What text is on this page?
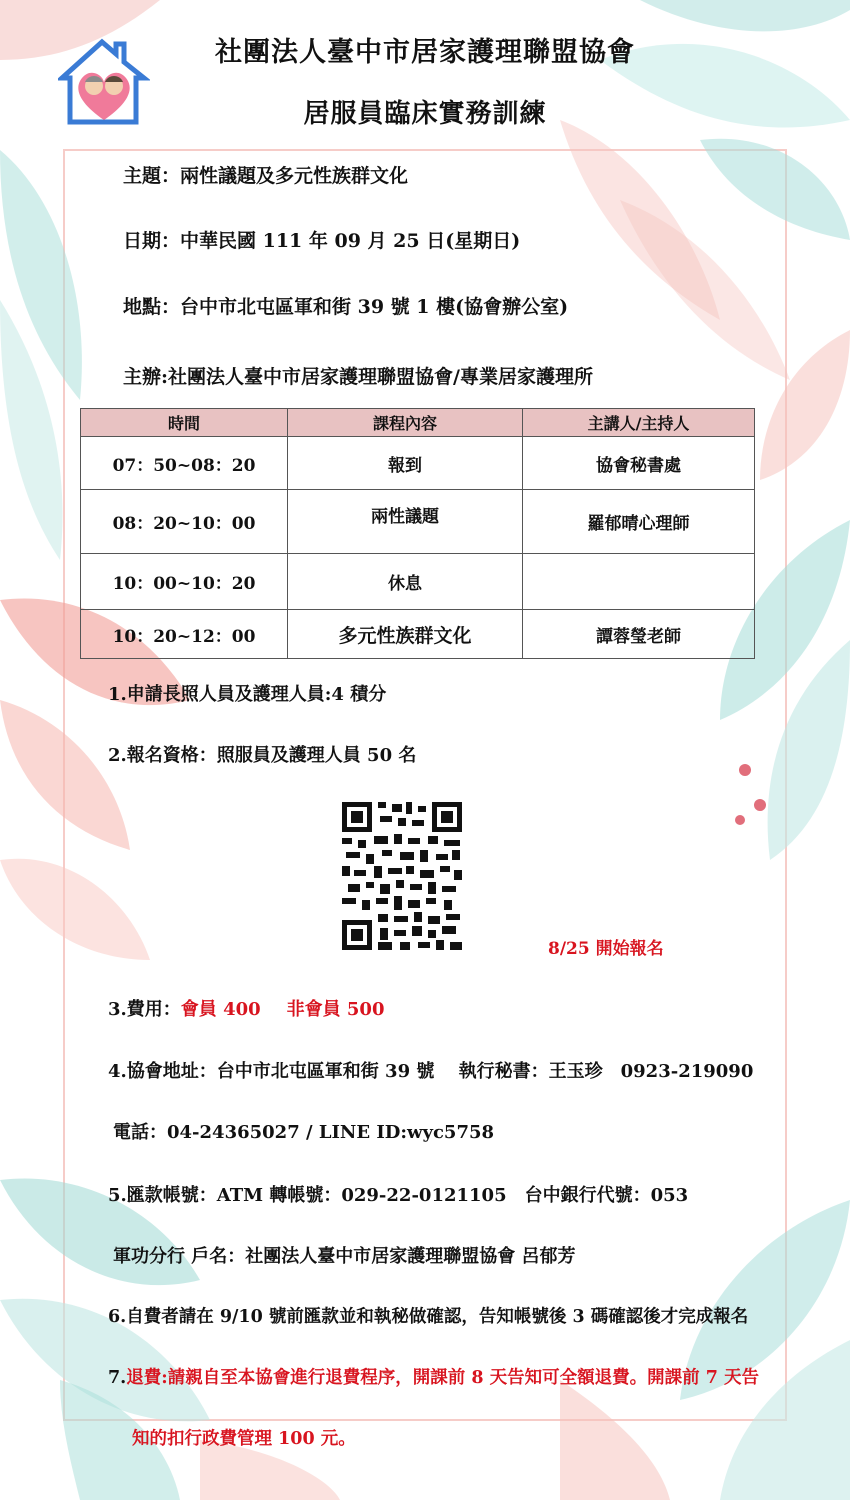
社團法人臺中市居家護理聯盟協會
居服員臨床實務訓練
主題：兩性議題及多元性族群文化
日期：中華民國 111 年 09 月 25 日(星期日)
地點：台中市北屯區軍和街 39 號 1 樓(協會辦公室)
主辦:社團法人臺中市居家護理聯盟協會/專業居家護理所
時間	課程內容	主講人/主持人
07：50~08：20	報到	協會秘書處
08：20~10：00	兩性議題	羅郁晴心理師
10：00~10：20	休息	
10：20~12：00	多元性族群文化	譚蓉瑩老師
1.申請長照人員及護理人員:4 積分
2.報名資格：照服員及護理人員 50 名
8/25 開始報名
3.費用：會員 400 非會員 500
4.協會地址：台中市北屯區軍和街 39 號　 執行秘書：王玉珍　0923-219090
電話：04-24365027 / LINE ID:wyc5758
5.匯款帳號：ATM 轉帳號：029-22-0121105　台中銀行代號：053
軍功分行 戶名：社團法人臺中市居家護理聯盟協會 呂郁芳
6.自費者請在 9/10 號前匯款並和執秘做確認，告知帳號後 3 碼確認後才完成報名
7.退費:請親自至本協會進行退費程序，開課前 8 天告知可全額退費。開課前 7 天告
知的扣行政費管理 100 元。
